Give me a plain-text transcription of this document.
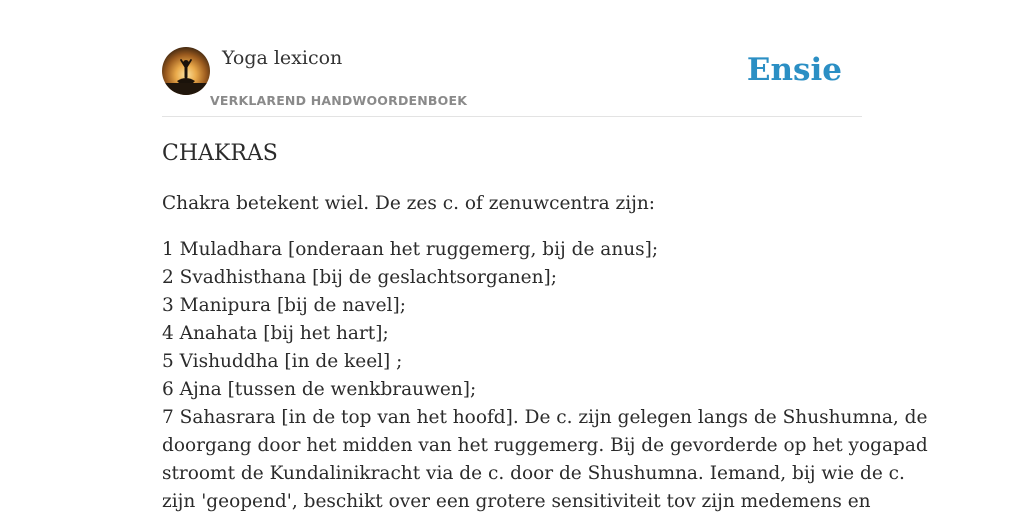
Yoga lexicon
VERKLAREND HANDWOORDENBOEK
Ensie
CHAKRAS

Chakra betekent wiel. De zes c. of zenuwcentra zijn:

1 Muladhara [onderaan het ruggemerg, bij de anus];
2 Svadhisthana [bij de geslachtsorganen];
3 Manipura [bij de navel];
4 Anahata [bij het hart];
5 Vishuddha [in de keel] ;
6 Ajna [tussen de wenkbrauwen];
7 Sahasrara [in de top van het hoofd]. De c. zijn gelegen langs de Shushumna, de
doorgang door het midden van het ruggemerg. Bij de gevorderde op het yogapad
stroomt de Kundalinikracht via de c. door de Shushumna. Iemand, bij wie de c.
zijn 'geopend', beschikt over een grotere sensitiviteit tov zijn medemens en
